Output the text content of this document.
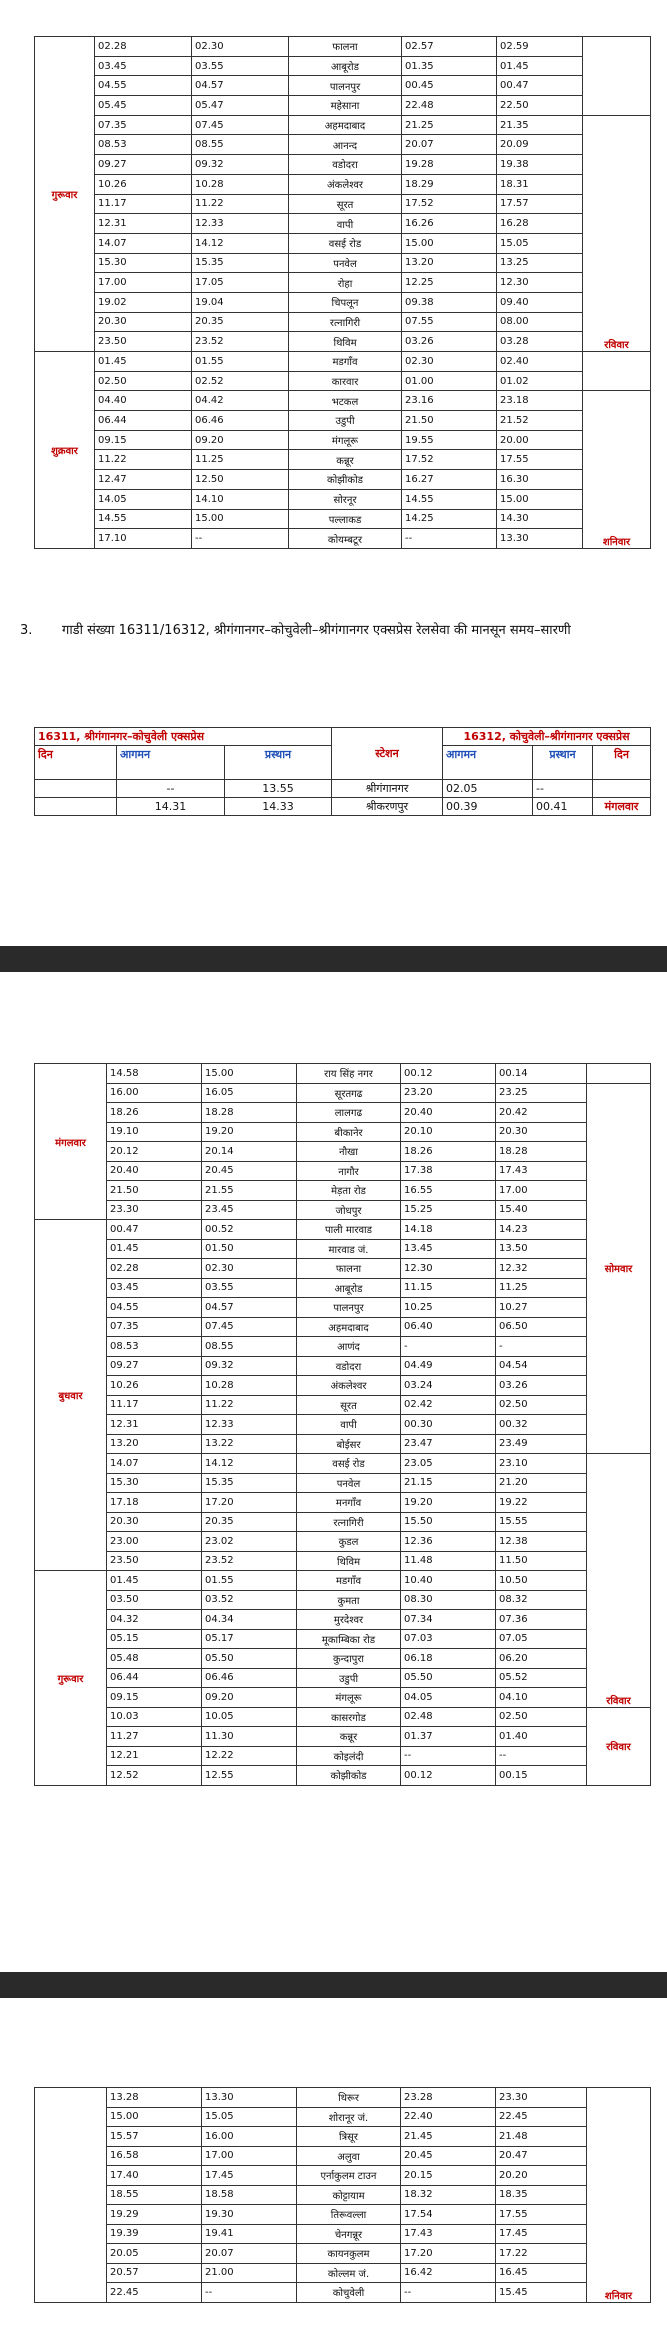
गुरूवार	02.28	02.30	फालना	02.57	02.59	
	03.45	03.55	आबूरोड	01.35	01.45	
	04.55	04.57	पालनपुर	00.45	00.47	
	05.45	05.47	महेसाना	22.48	22.50	
	07.35	07.45	अहमदाबाद	21.25	21.35	रविवार
	08.53	08.55	आनन्द	20.07	20.09	
	09.27	09.32	वडोदरा	19.28	19.38	
	10.26	10.28	अंकलेश्वर	18.29	18.31	
	11.17	11.22	सूरत	17.52	17.57	
	12.31	12.33	वापी	16.26	16.28	
	14.07	14.12	वसई रोड	15.00	15.05	
	15.30	15.35	पनवेल	13.20	13.25	
	17.00	17.05	रोहा	12.25	12.30	
	19.02	19.04	चिपलून	09.38	09.40	
	20.30	20.35	रत्नागिरी	07.55	08.00	
	23.50	23.52	थिविम	03.26	03.28	
शुक्रवार	01.45	01.55	मडगाँव	02.30	02.40	
	02.50	02.52	कारवार	01.00	01.02	
	04.40	04.42	भटकल	23.16	23.18	शनिवार
	06.44	06.46	उडुपी	21.50	21.52	
	09.15	09.20	मंगलूरू	19.55	20.00	
	11.22	11.25	कन्नूर	17.52	17.55	
	12.47	12.50	कोझीकोड	16.27	16.30	
	14.05	14.10	सोरनूर	14.55	15.00	
	14.55	15.00	पल्लाकड	14.25	14.30	
	17.10	--	कोयम्बटूर	--	13.30	
3. गाडी संख्या 16311/16312, श्रीगंगानगर–कोचुवेली–श्रीगंगानगर एक्सप्रेस रेलसेवा की मानसून समय–सारणी
16311, श्रीगंगानगर–कोचुवेली एक्सप्रेस			स्टेशन	16312, कोचुवेली–श्रीगंगानगर एक्सप्रेस		
दिन	आगमन	प्रस्थान		आगमन	प्रस्थान	दिन
	--	13.55	श्रीगंगानगर	02.05	--	
	14.31	14.33	श्रीकरणपुर	00.39	00.41	मंगलवार
मंगलवार	14.58	15.00	राय सिंह नगर	00.12	00.14	
	16.00	16.05	सूरतगढ	23.20	23.25	सोमवार
	18.26	18.28	लालगढ	20.40	20.42	
	19.10	19.20	बीकानेर	20.10	20.30	
	20.12	20.14	नौखा	18.26	18.28	
	20.40	20.45	नागौर	17.38	17.43	
	21.50	21.55	मेड़ता रोड	16.55	17.00	
	23.30	23.45	जोधपुर	15.25	15.40	
बुधवार	00.47	00.52	पाली मारवाड	14.18	14.23	
	01.45	01.50	मारवाड जं.	13.45	13.50	
	02.28	02.30	फालना	12.30	12.32	
	03.45	03.55	आबूरोड	11.15	11.25	
	04.55	04.57	पालनपुर	10.25	10.27	
	07.35	07.45	अहमदाबाद	06.40	06.50	
	08.53	08.55	आणंद	-	-	
	09.27	09.32	वडोदरा	04.49	04.54	
	10.26	10.28	अंकलेश्वर	03.24	03.26	
	11.17	11.22	सूरत	02.42	02.50	
	12.31	12.33	वापी	00.30	00.32	
	13.20	13.22	बोईसर	23.47	23.49	
	14.07	14.12	वसई रोड	23.05	23.10	रविवार
	15.30	15.35	पनवेल	21.15	21.20	
	17.18	17.20	मनगाँव	19.20	19.22	
	20.30	20.35	रत्नागिरी	15.50	15.55	
	23.00	23.02	कुडल	12.36	12.38	
	23.50	23.52	थिविम	11.48	11.50	
गुरूवार	01.45	01.55	मडगाँव	10.40	10.50	
	03.50	03.52	कुमता	08.30	08.32	
	04.32	04.34	मुरदेश्वर	07.34	07.36	
	05.15	05.17	मूकाम्बिका रोड	07.03	07.05	
	05.48	05.50	कुन्दापुरा	06.18	06.20	
	06.44	06.46	उडुपी	05.50	05.52	
	09.15	09.20	मंगलूरू	04.05	04.10	
	10.03	10.05	कासरगोड	02.48	02.50	रविवार
	11.27	11.30	कन्नूर	01.37	01.40	
	12.21	12.22	कोइलंदी	--	--	
	12.52	12.55	कोझीकोड	00.12	00.15	
	13.28	13.30	थिरूर	23.28	23.30	शनिवार
	15.00	15.05	शोरानूर जं.	22.40	22.45	
	15.57	16.00	त्रिसूर	21.45	21.48	
	16.58	17.00	अलुवा	20.45	20.47	
	17.40	17.45	एर्नाकुलम टाउन	20.15	20.20	
	18.55	18.58	कोट्टायाम	18.32	18.35	
	19.29	19.30	तिरूवल्ला	17.54	17.55	
	19.39	19.41	चेनगन्नूर	17.43	17.45	
	20.05	20.07	कायनकुलम	17.20	17.22	
	20.57	21.00	कोल्लम जं.	16.42	16.45	
	22.45	--	कोचुवेली	--	15.45	
